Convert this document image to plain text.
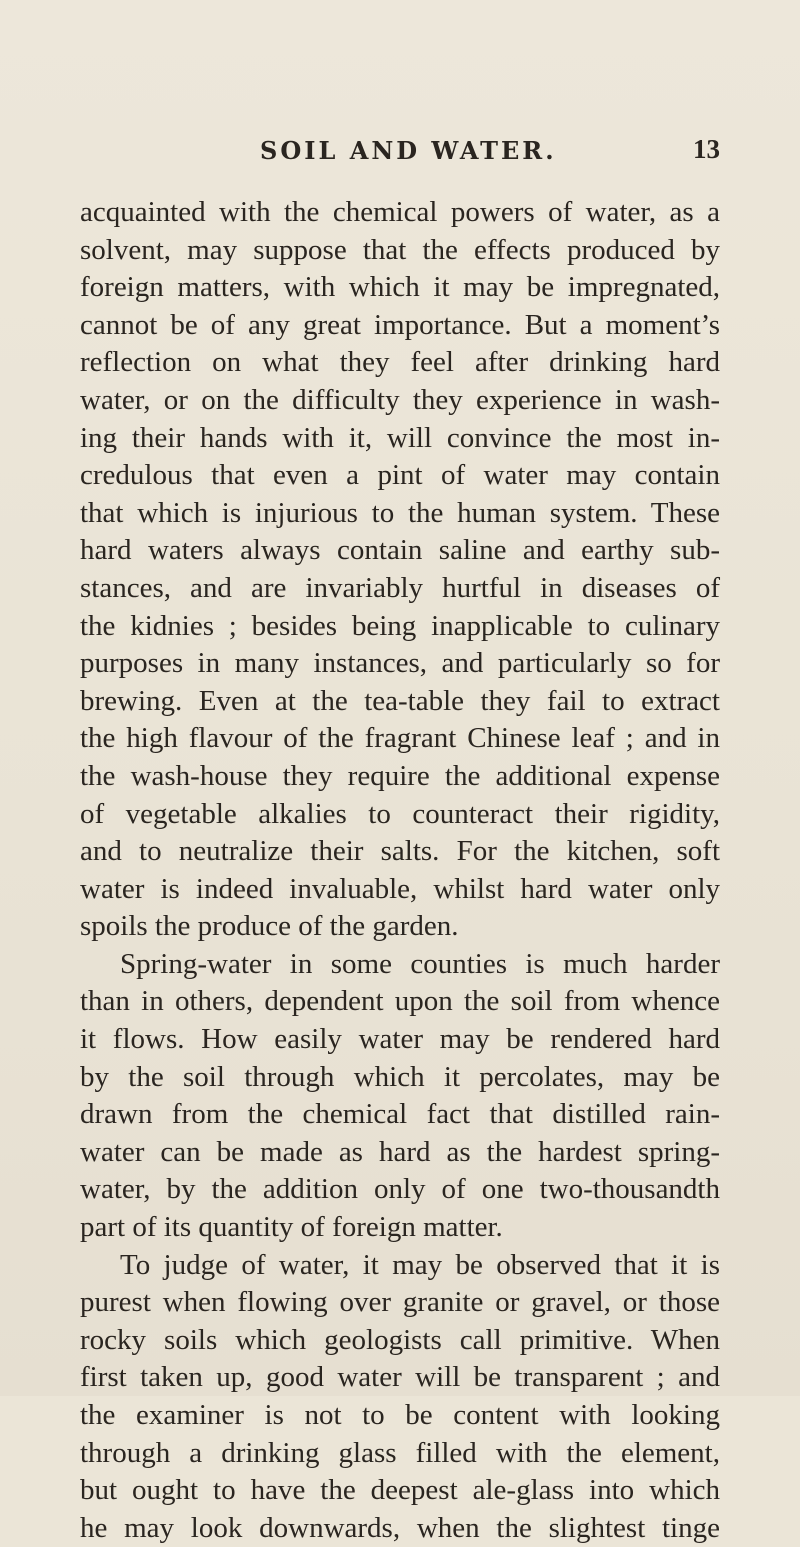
SOIL AND WATER.	13
acquainted with the chemical powers of water, as a
solvent, may suppose that the effects produced by
foreign matters, with which it may be impregnated,
cannot be of any great importance. But a moment’s
reflection on what they feel after drinking hard
water, or on the difficulty they experience in wash-
ing their hands with it, will convince the most in-
credulous that even a pint of water may contain
that which is injurious to the human system. These
hard waters always contain saline and earthy sub-
stances, and are invariably hurtful in diseases of
the kidnies ; besides being inapplicable to culinary
purposes in many instances, and particularly so for
brewing. Even at the tea-table they fail to extract
the high flavour of the fragrant Chinese leaf ; and in
the wash-house they require the additional expense
of vegetable alkalies to counteract their rigidity,
and to neutralize their salts. For the kitchen, soft
water is indeed invaluable, whilst hard water only
spoils the produce of the garden.
Spring-water in some counties is much harder
than in others, dependent upon the soil from whence
it flows. How easily water may be rendered hard
by the soil through which it percolates, may be
drawn from the chemical fact that distilled rain-
water can be made as hard as the hardest spring-
water, by the addition only of one two-thousandth
part of its quantity of foreign matter.
To judge of water, it may be observed that it is
purest when flowing over granite or gravel, or those
rocky soils which geologists call primitive. When
first taken up, good water will be transparent ; and
the examiner is not to be content with looking
through a drinking glass filled with the element,
but ought to have the deepest ale-glass into which
he may look downwards, when the slightest tinge
